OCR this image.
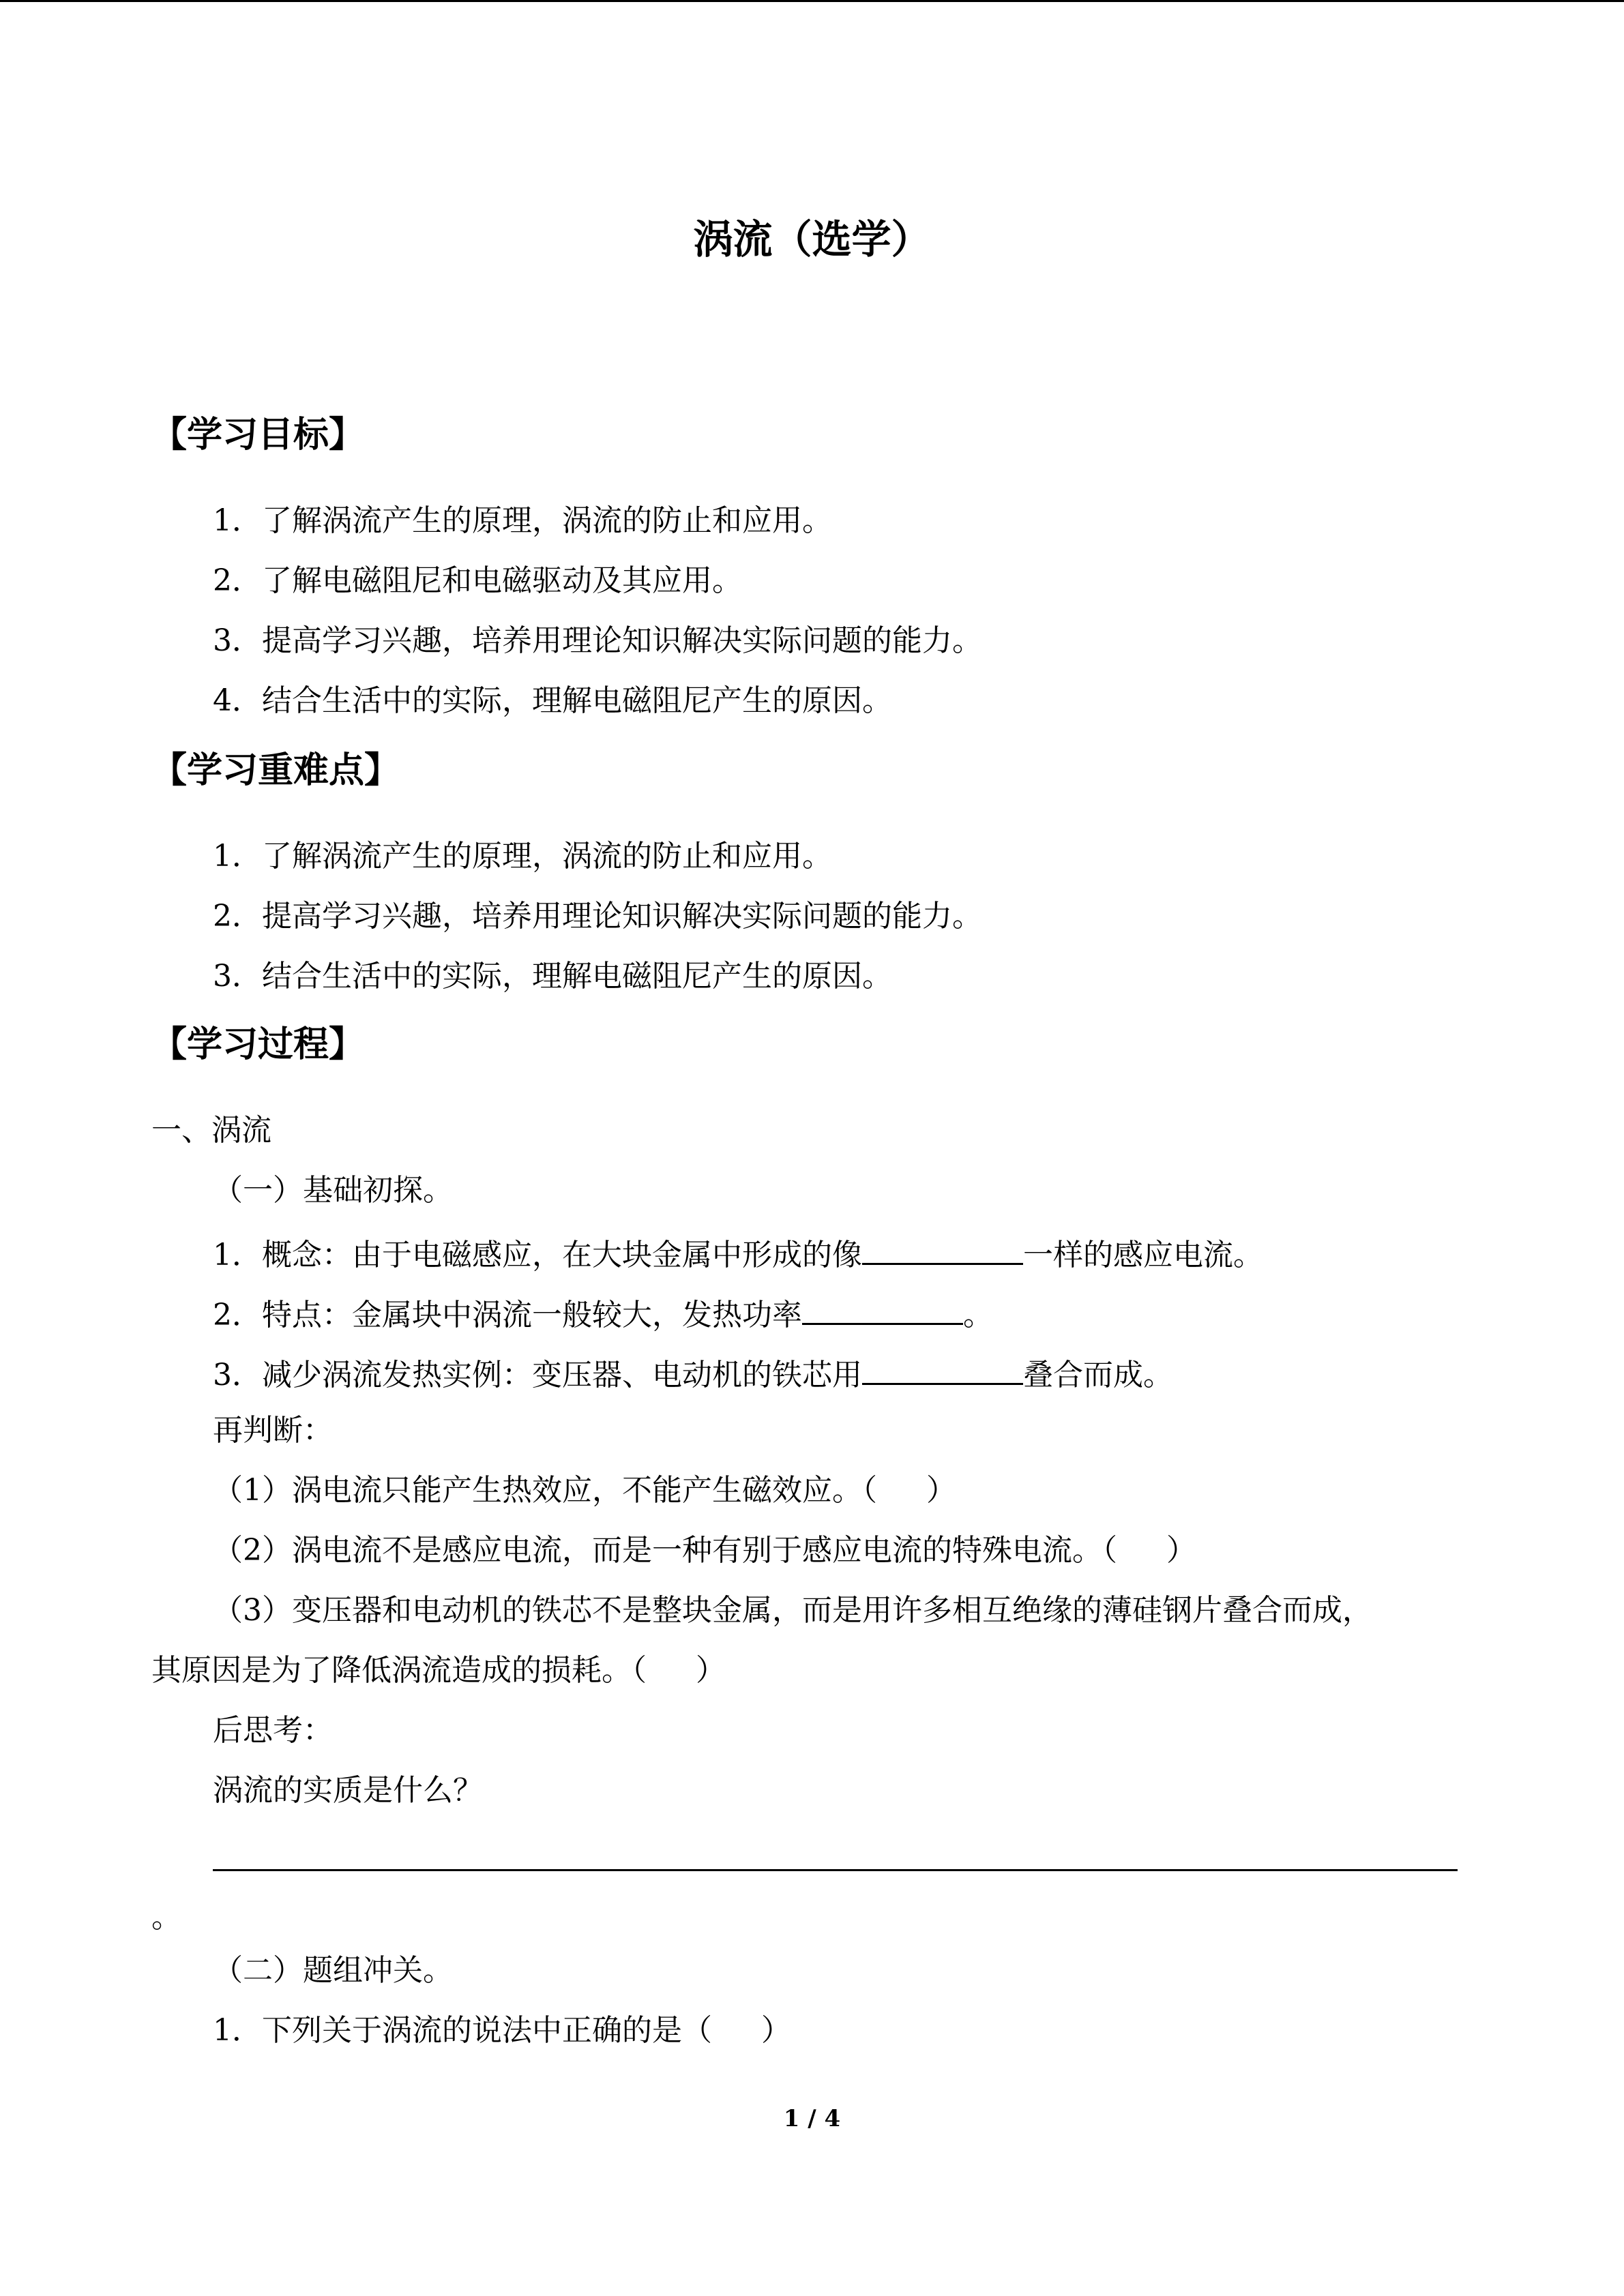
涡流（选学）
【学习目标】
1．了解涡流产生的原理，涡流的防止和应用。
2．了解电磁阻尼和电磁驱动及其应用。
3．提高学习兴趣，培养用理论知识解决实际问题的能力。
4．结合生活中的实际，理解电磁阻尼产生的原因。
【学习重难点】
1．了解涡流产生的原理，涡流的防止和应用。
2．提高学习兴趣，培养用理论知识解决实际问题的能力。
3．结合生活中的实际，理解电磁阻尼产生的原因。
【学习过程】
一、涡流
（一）基础初探。
1．概念：由于电磁感应，在大块金属中形成的像	一样的感应电流。
2．特点：金属块中涡流一般较大，发热功率	。
3．减少涡流发热实例：变压器、电动机的铁芯用	叠合而成。
再判断：
（1）涡电流只能产生热效应，不能产生磁效应。（ ）
（2）涡电流不是感应电流，而是一种有别于感应电流的特殊电流。（ ）
（3）变压器和电动机的铁芯不是整块金属，而是用许多相互绝缘的薄硅钢片叠合而成，
其原因是为了降低涡流造成的损耗。（ ）
后思考：
涡流的实质是什么？
。
（二）题组冲关。
1．下列关于涡流的说法中正确的是（ ）
1 / 4
